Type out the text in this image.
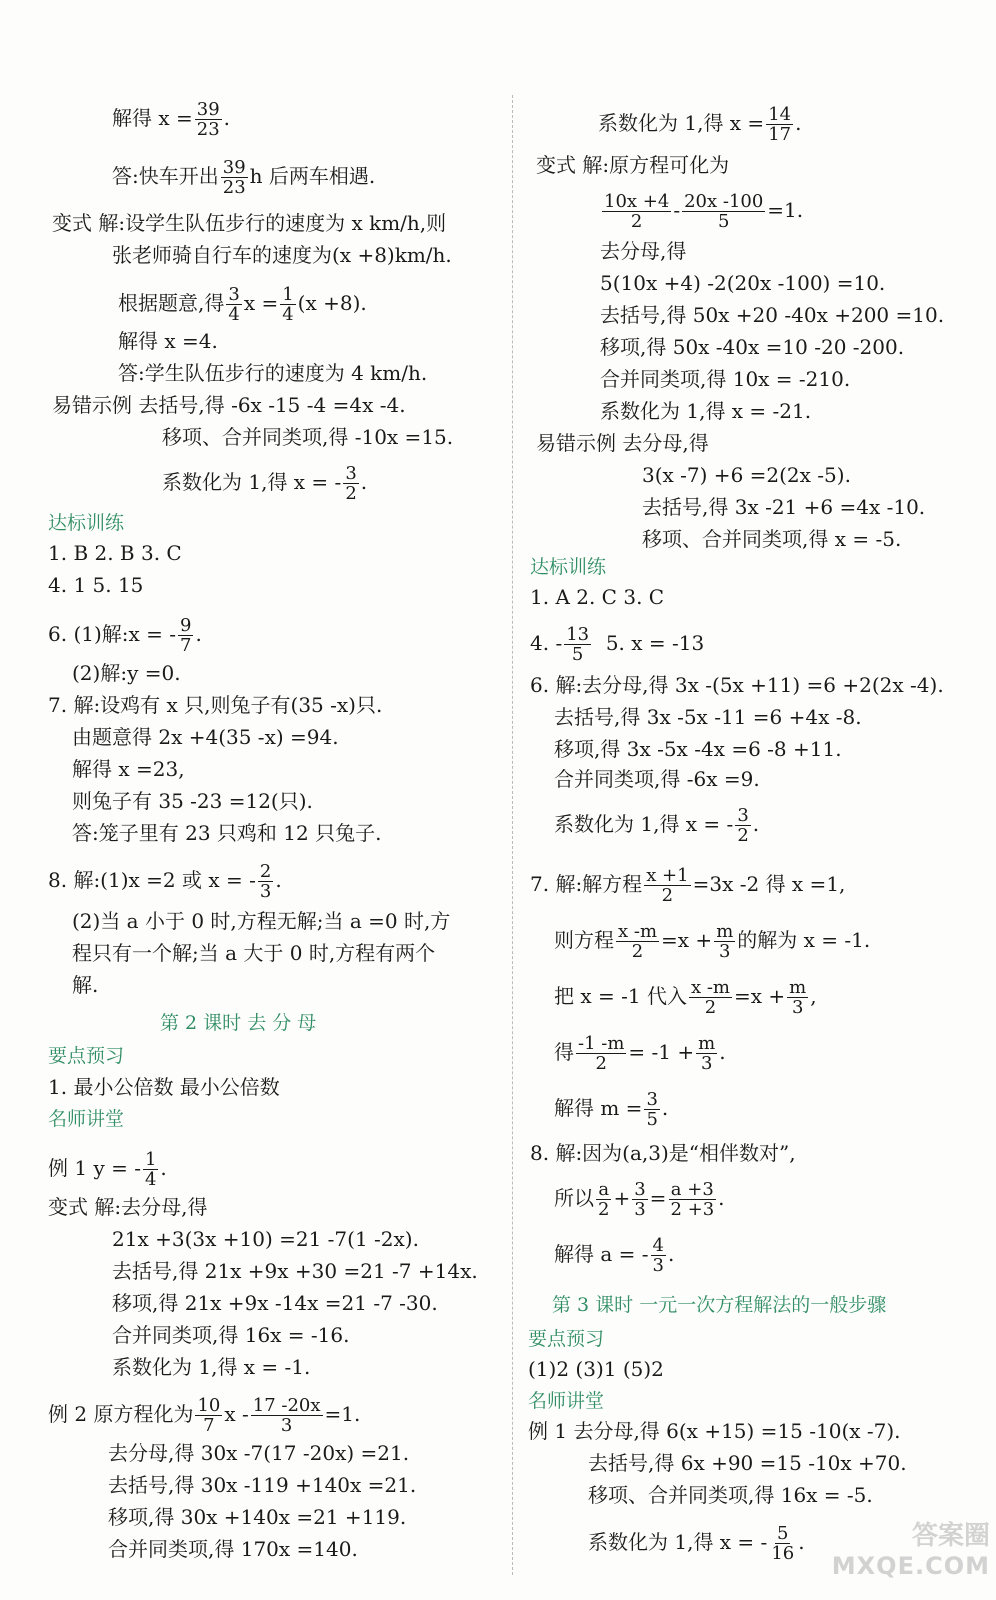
解得 $x = \frac{39}{23}$ .
答:快车开出 $\frac{39}{23}$ h 后两车相遇.
变式 解:设学生队伍步行的速度为 x km/h,则
张老师骑自行车的速度为(x +8)km/h.
根据题意,得 $\frac{3}{4}$ $x = \frac{1}{4} (x +8)$.
解得 x =4.
答:学生队伍步行的速度为 4 km/h.
易错示例 去括号,得 -6x -15 -4 =4x -4.
移项、合并同类项,得 -10x =15.
系数化为 1,得 x = - $\frac{3}{2}$ .
达标训练
1. B 2. B 3. C
4. 1 5. 15
6. (1)解:x = - $\frac{9}{7}$ .
(2)解:y =0.
7. 解:设鸡有 x 只,则兔子有(35 -x)只.
由题意得 2x +4(35 -x) =94.
解得 x =23,
则兔子有 35 -23 =12(只).
答:笼子里有 23 只鸡和 12 只兔子.
8. 解:(1)x =2 或 x = - $\frac{2}{3}$ .
(2)当 a 小于 0 时,方程无解;当 a =0 时,方
程只有一个解;当 a 大于 0 时,方程有两个
解.
第 2 课时 去 分 母
要点预习
1. 最小公倍数 最小公倍数
名师讲堂
例 1 y = - $\frac{1}{4}$ .
变式 解:去分母,得
21x +3(3x +10) =21 -7(1 -2x).
去括号,得 21x +9x +30 =21 -7 +14x.
移项,得 21x +9x -14x =21 -7 -30.
合并同类项,得 16x = -16.
系数化为 1,得 x = -1.
例 2 原方程化为 $\frac{10}{7}$ $x - \frac{17 -20x}{3} =1$.
去分母,得 30x -7(17 -20x) =21.
去括号,得 30x -119 +140x =21.
移项,得 30x +140x =21 +119.
合并同类项,得 170x =140.
系数化为 1,得 $x = \frac{14}{17}$ .
变式 解:原方程可化为
$\frac{10x +4}{2} - \frac{20x -100}{5} =1$.
去分母,得
5(10x +4) -2(20x -100) =10.
去括号,得 50x +20 -40x +200 =10.
移项,得 50x -40x =10 -20 -200.
合并同类项,得 10x = -210.
系数化为 1,得 x = -21.
易错示例 去分母,得
3(x -7) +6 =2(2x -5).
去括号,得 3x -21 +6 =4x -10.
移项、合并同类项,得 x = -5.
达标训练
1. A 2. C 3. C
4. - $\frac{13}{5} 5$. x = -13
6. 解:去分母,得 3x -(5x +11) =6 +2(2x -4).
去括号,得 3x -5x -11 =6 +4x -8.
移项,得 3x -5x -4x =6 -8 +11.
合并同类项,得 -6x =9.
系数化为 1,得 x = - $\frac{3}{2}$ .
7. 解:解方程 $\frac{x +1}{2} =3x$ -2 得 x =1,
则方程 $\frac{x -m}{2} =x + \frac{m}{3}$ 的解为 x = -1.
把 x = -1 代入 $\frac{x -m}{2} =x + \frac{m}{3}$ ,
得 $\frac{-1 -m}{2} = -1 + \frac{m}{3}$ .
解得 $m = \frac{3}{5}$ .
8. 解:因为(a,3)是“相伴数对”,
所以 $\frac{a}{2} + \frac{3}{3} = \frac{a +3}{2 +3}$ .
解得 a = - $\frac{4}{3}$ .
第 3 课时 一元一次方程解法的一般步骤
要点预习
(1)2 (3)1 (5)2
名师讲堂
例 1 去分母,得 6(x +15) =15 -10(x -7).
去括号,得 6x +90 =15 -10x +70.
移项、合并同类项,得 16x = -5.
系数化为 1,得 x = - $\frac{5}{16}$ .	答案圈
MXQE.COM
